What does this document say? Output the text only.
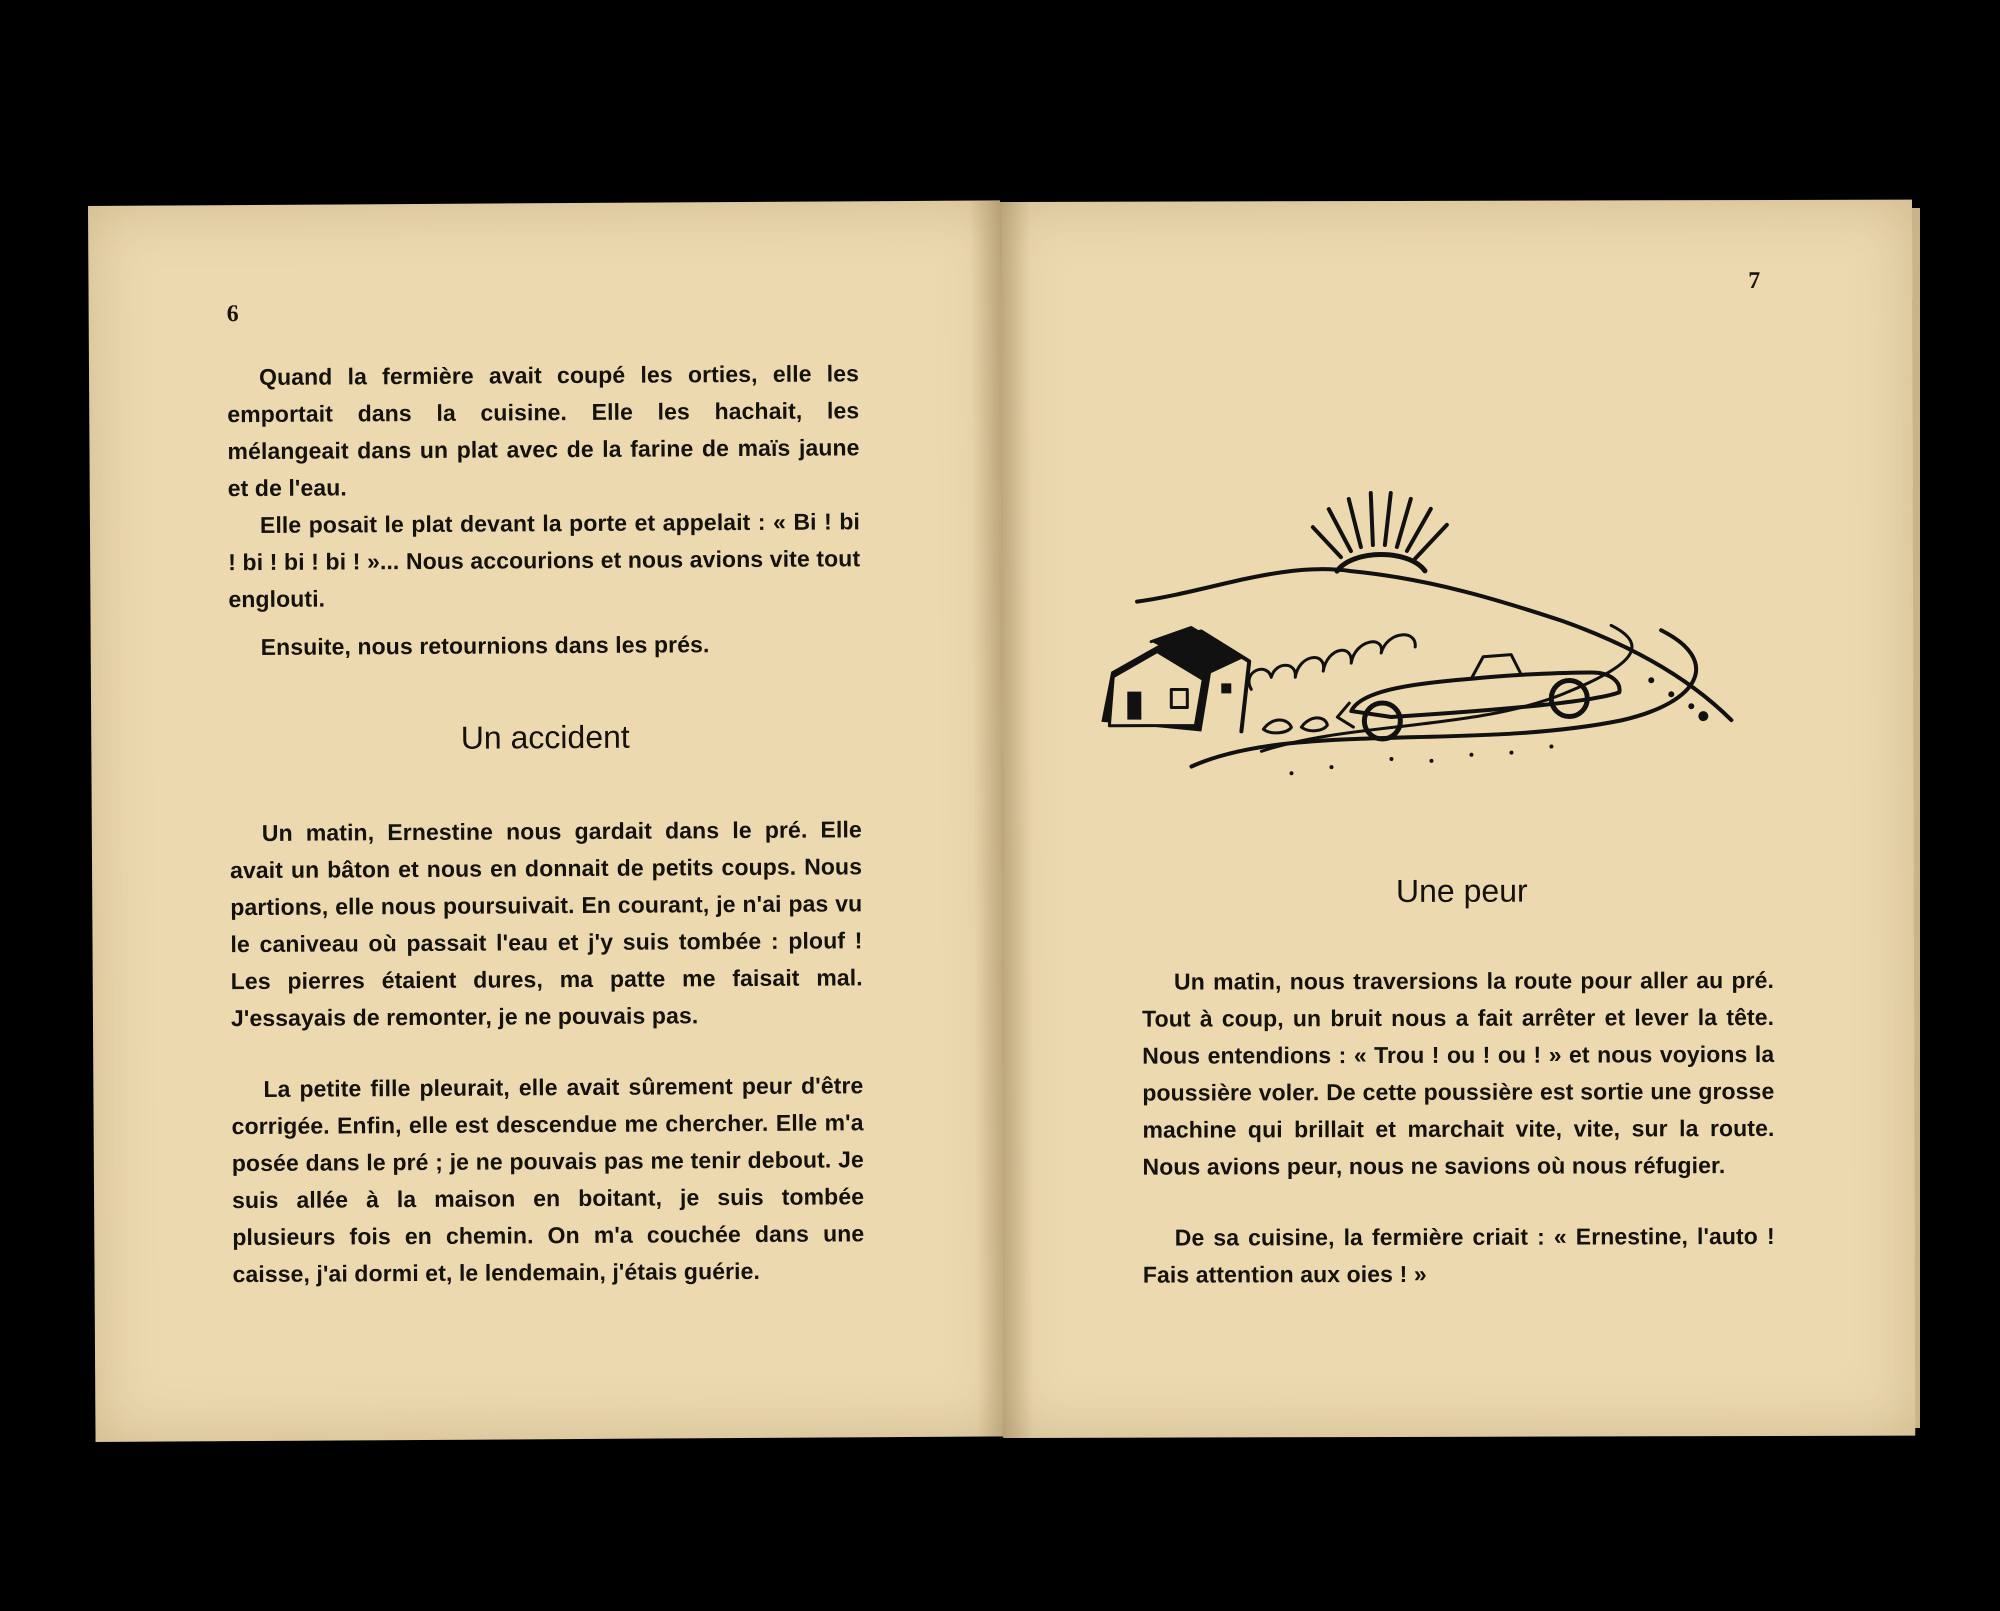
6

Quand la fermière avait coupé les orties, elle les emportait dans la cuisine. Elle les hachait, les mélangeait dans un plat avec de la farine de maïs jaune et de l'eau.

Elle posait le plat devant la porte et appelait : « Bi ! bi ! bi ! bi ! bi ! »... Nous accourions et nous avions vite tout englouti.

Ensuite, nous retournions dans les prés.

Un accident

Un matin, Ernestine nous gardait dans le pré. Elle avait un bâton et nous en donnait de petits coups. Nous partions, elle nous poursuivait. En courant, je n'ai pas vu le caniveau où passait l'eau et j'y suis tombée : plouf ! Les pierres étaient dures, ma patte me faisait mal. J'essayais de remonter, je ne pouvais pas.

La petite fille pleurait, elle avait sûrement peur d'être corrigée. Enfin, elle est descendue me chercher. Elle m'a posée dans le pré ; je ne pouvais pas me tenir debout. Je suis allée à la maison en boitant, je suis tombée plusieurs fois en chemin. On m'a couchée dans une caisse, j'ai dormi et, le lendemain, j'étais guérie.

7
Une peur

Un matin, nous traversions la route pour aller au pré. Tout à coup, un bruit nous a fait arrêter et lever la tête. Nous entendions : « Trou ! ou ! ou ! » et nous voyions la poussière voler. De cette poussière est sortie une grosse machine qui brillait et marchait vite, vite, sur la route. Nous avions peur, nous ne savions où nous réfugier.

De sa cuisine, la fermière criait : « Ernestine, l'auto ! Fais attention aux oies ! »
